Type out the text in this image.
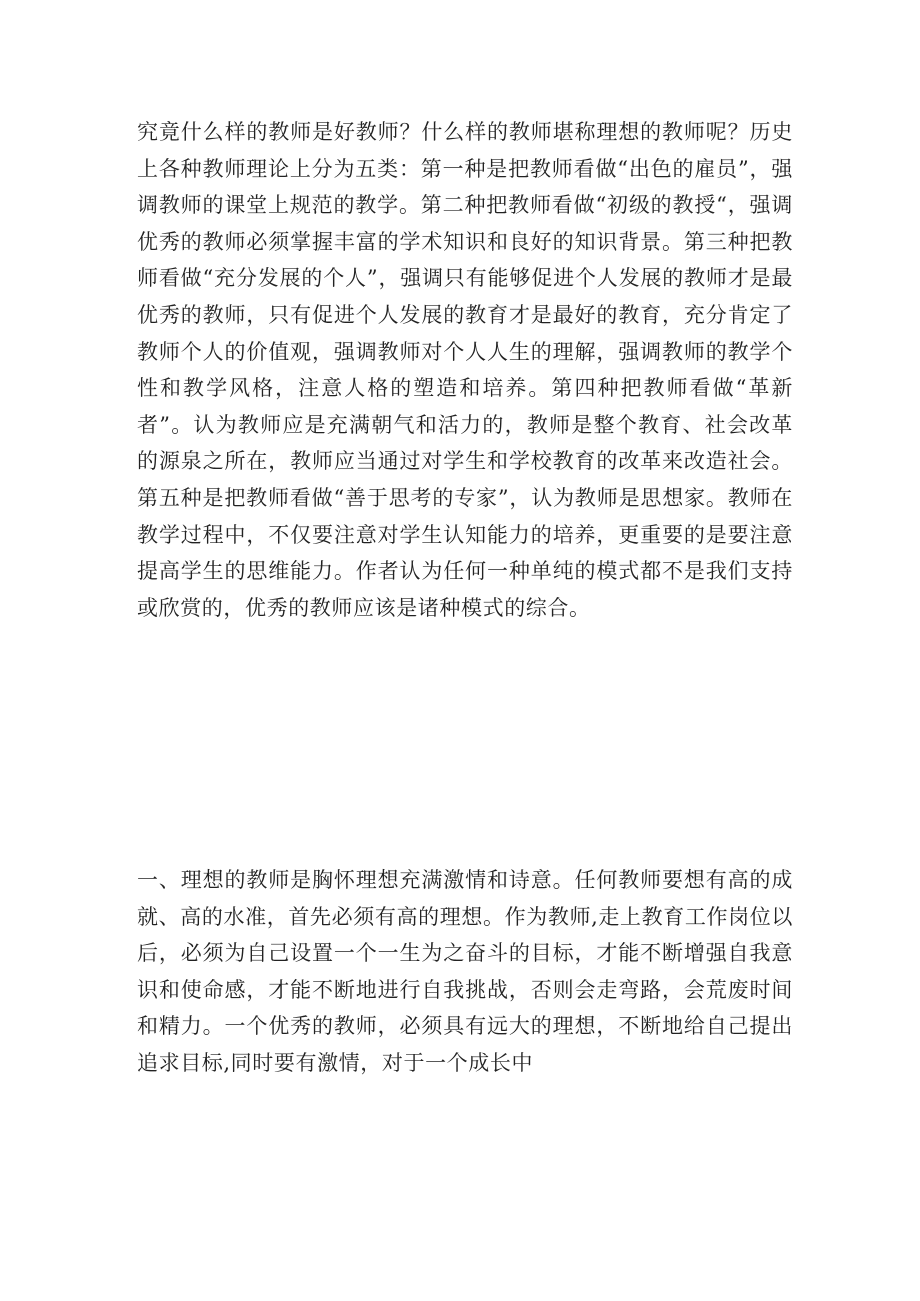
究竟什么样的教师是好教师？什么样的教师堪称理想的教师呢？历史上各种教师理论上分为五类：第一种是把教师看做“出色的雇员”，强调教师的课堂上规范的教学。第二种把教师看做“初级的教授“，强调优秀的教师必须掌握丰富的学术知识和良好的知识背景。第三种把教师看做“充分发展的个人”，强调只有能够促进个人发展的教师才是最优秀的教师，只有促进个人发展的教育才是最好的教育，充分肯定了教师个人的价值观，强调教师对个人人生的理解，强调教师的教学个性和教学风格，注意人格的塑造和培养。第四种把教师看做“革新者”。认为教师应是充满朝气和活力的，教师是整个教育、社会改革的源泉之所在，教师应当通过对学生和学校教育的改革来改造社会。第五种是把教师看做“善于思考的专家”，认为教师是思想家。教师在教学过程中，不仅要注意对学生认知能力的培养，更重要的是要注意提高学生的思维能力。作者认为任何一种单纯的模式都不是我们支持或欣赏的，优秀的教师应该是诸种模式的综合。

一、理想的教师是胸怀理想充满激情和诗意。任何教师要想有高的成就、高的水准，首先必须有高的理想。作为教师,走上教育工作岗位以后，必须为自己设置一个一生为之奋斗的目标，才能不断增强自我意识和使命感，才能不断地进行自我挑战，否则会走弯路，会荒废时间和精力。一个优秀的教师，必须具有远大的理想，不断地给自己提出追求目标,同时要有激情，对于一个成长中
